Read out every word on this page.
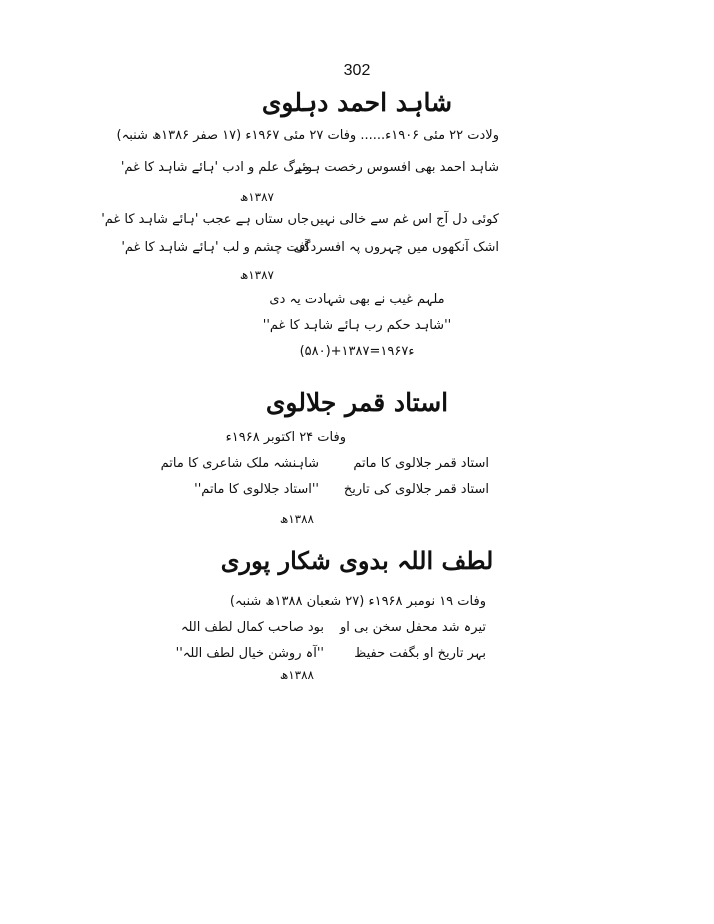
302
شاہد احمد دہلوی
ولادت ۲۲ مئی ۱۹۰۶ء...... وفات ۲۷ مئی ۱۹۶۷ء (۱۷ صفر ۱۳۸۶ھ شنبہ)
شاہد احمد بھی افسوس رخصت ہوئے
مرگ علم و ادب 'ہائے شاہد کا غم'
۱۳۸۷ھ
کوئی دل آج اس غم سے خالی نہیں
جاں ستاں ہے عجب 'ہائے شاہد کا غم'
اشک آنکھوں میں چہروں پہ افسردگی
آفت چشم و لب 'ہائے شاہد کا غم'
۱۳۸۷ھ
ملہم غیب نے بھی شہادت یہ دی
''شاہد حکم رب ہائے شاہد کا غم''
(۵۸۰)+۱۳۸۷=۱۹۶۷ء
استاد قمر جلالوی
وفات ۲۴ اکتوبر ۱۹۶۸ء
استاد قمر جلالوی کا ماتم
شاہنشہ ملک شاعری کا ماتم
استاد قمر جلالوی کی تاریخ
''استاد جلالوی کا ماتم''
۱۳۸۸ھ
لطف اللہ بدوی شکار پوری
وفات ۱۹ نومبر ۱۹۶۸ء (۲۷ شعبان ۱۳۸۸ھ شنبہ)
تیرہ شد محفل سخن بی او
بود صاحب کمال لطف اللہ
بہر تاریخ او بگفت حفیظ
''آہ روشن خیال لطف اللہ''
۱۳۸۸ھ
